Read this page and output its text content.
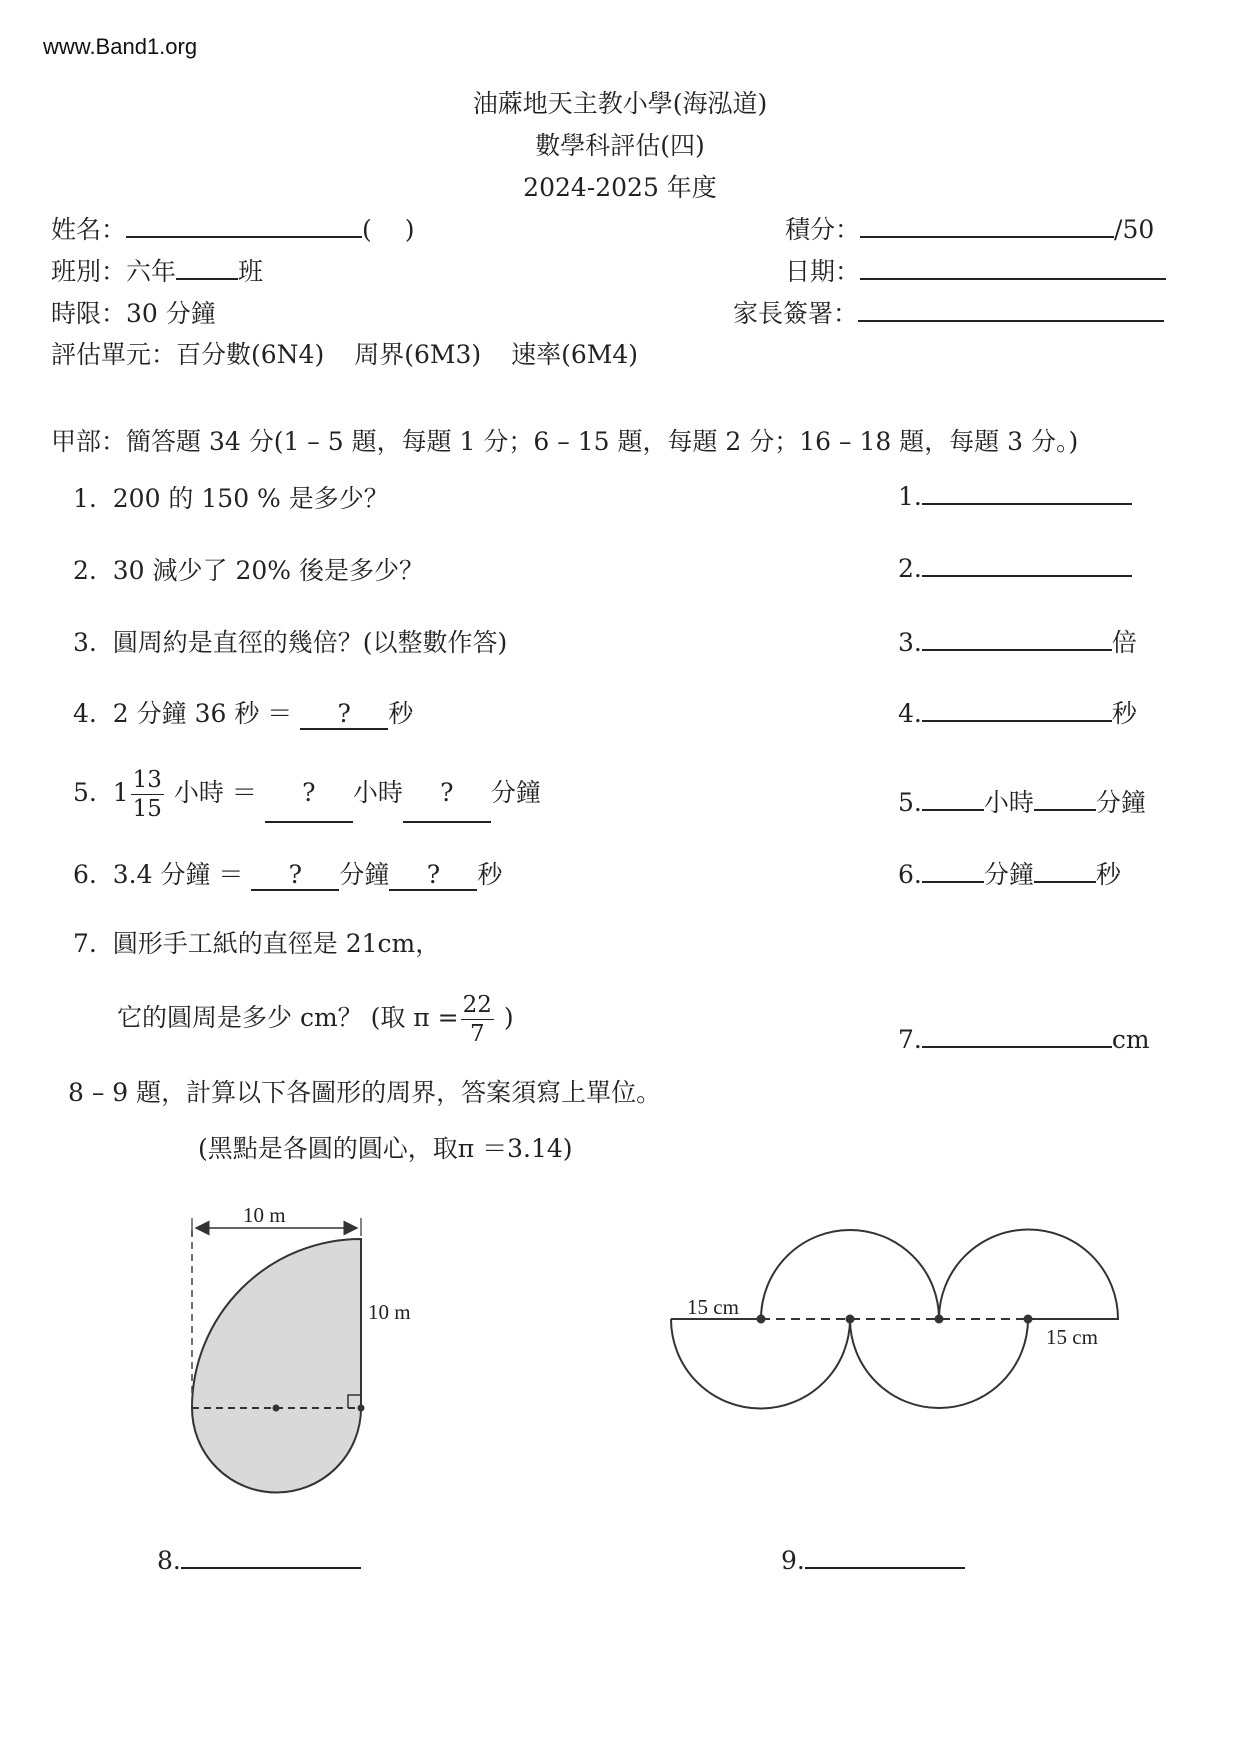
www.Band1.org
油蔴地天主教小學(海泓道)
數學科評估(四)
2024-2025 年度
姓名：	(　 )	積分：	/50
班別：六年 班	日期：
時限：30 分鐘	家長簽署：
評估單元：百分數(6N4) 周界(6M3) 速率(6M4)
甲部：簡答題 34 分(1 – 5 題，每題 1 分；6 – 15 題，每題 2 分；16 – 18 題，每題 3 分。)
1. 200 的 150 % 是多少？
2. 30 減少了 20% 後是多少？
3. 圓周約是直徑的幾倍？(以整數作答)
4. 2 分鐘 36 秒 ＝ ? 秒
5. $1 \frac{13}{15}$ 小時 ＝ ? 小時 ? 分鐘
6. 3.4 分鐘 ＝ ? 分鐘 ? 秒
7. 圓形手工紙的直徑是 21cm，
它的圓周是多少 cm？ (取 $\pi = \frac{22}{7}$ )
1.
2.
3.	倍
4.	秒
5. 小時 分鐘
6. 分鐘 秒
7.	cm
8 – 9 題，計算以下各圖形的周界，答案須寫上單位。
(黑點是各圓的圓心，取π ＝3.14)
10 m
10 m	15 cm
15 cm
8.	9.
